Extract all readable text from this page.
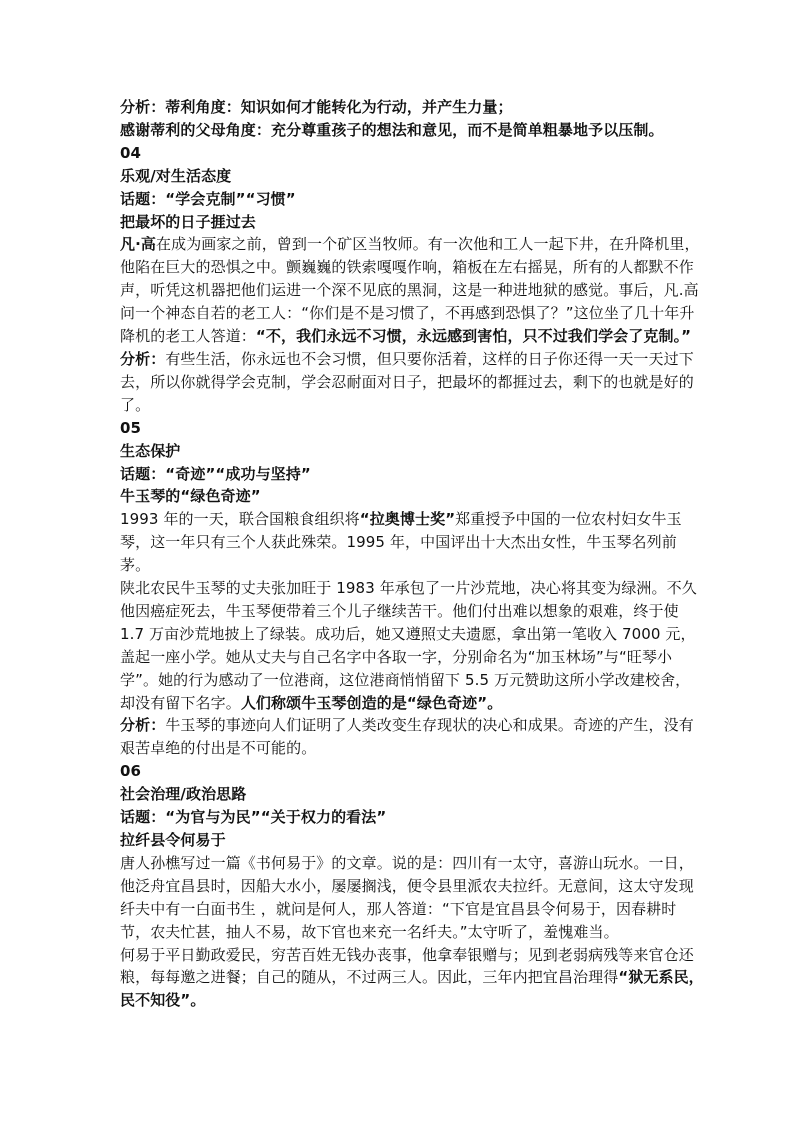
分析：蒂利角度：知识如何才能转化为行动，并产生力量；

感谢蒂利的父母角度：充分尊重孩子的想法和意见，而不是简单粗暴地予以压制。

04

乐观/对生活态度

话题：“学会克制”“习惯”

把最坏的日子捱过去

凡·高在成为画家之前，曾到一个矿区当牧师。有一次他和工人一起下井，在升降机里，他陷在巨大的恐惧之中。颤巍巍的铁索嘎嘎作响，箱板在左右摇晃，所有的人都默不作声，听凭这机器把他们运进一个深不见底的黑洞，这是一种进地狱的感觉。事后，凡.高问一个神态自若的老工人：“你们是不是习惯了，不再感到恐惧了？”这位坐了几十年升降机的老工人答道：“不，我们永远不习惯，永远感到害怕，只不过我们学会了克制。”

分析：有些生活，你永远也不会习惯，但只要你活着，这样的日子你还得一天一天过下去，所以你就得学会克制，学会忍耐面对日子，把最坏的都捱过去，剩下的也就是好的了。

05

生态保护

话题：“奇迹”“成功与坚持”

牛玉琴的“绿色奇迹”

1993 年的一天，联合国粮食组织将“拉奥博士奖”郑重授予中国的一位农村妇女牛玉琴，这一年只有三个人获此殊荣。1995 年，中国评出十大杰出女性，牛玉琴名列前茅。

陕北农民牛玉琴的丈夫张加旺于 1983 年承包了一片沙荒地，决心将其变为绿洲。不久他因癌症死去，牛玉琴便带着三个儿子继续苦干。他们付出难以想象的艰难，终于使 1.7 万亩沙荒地披上了绿装。成功后，她又遵照丈夫遗愿，拿出第一笔收入 7000 元，盖起一座小学。她从丈夫与自己名字中各取一字，分别命名为“加玉林场”与“旺琴小学”。她的行为感动了一位港商，这位港商悄悄留下 5.5 万元赞助这所小学改建校舍，却没有留下名字。人们称颂牛玉琴创造的是“绿色奇迹”。

分析：牛玉琴的事迹向人们证明了人类改变生存现状的决心和成果。奇迹的产生，没有艰苦卓绝的付出是不可能的。

06

社会治理/政治思路

话题：“为官与为民”“关于权力的看法”

拉纤县令何易于

唐人孙樵写过一篇《书何易于》的文章。说的是：四川有一太守，喜游山玩水。一日，他泛舟宜昌县时，因船大水小，屡屡搁浅，便令县里派农夫拉纤。无意间，这太守发现纤夫中有一白面书生 ，就问是何人，那人答道：“下官是宜昌县令何易于，因春耕时节，农夫忙甚，抽人不易，故下官也来充一名纤夫。”太守听了，羞愧难当。

何易于平日勤政爱民，穷苦百姓无钱办丧事，他拿奉银赠与；见到老弱病残等来官仓还粮，每每邀之进餐；自己的随从，不过两三人。因此，三年内把宜昌治理得“狱无系民，民不知役”。
